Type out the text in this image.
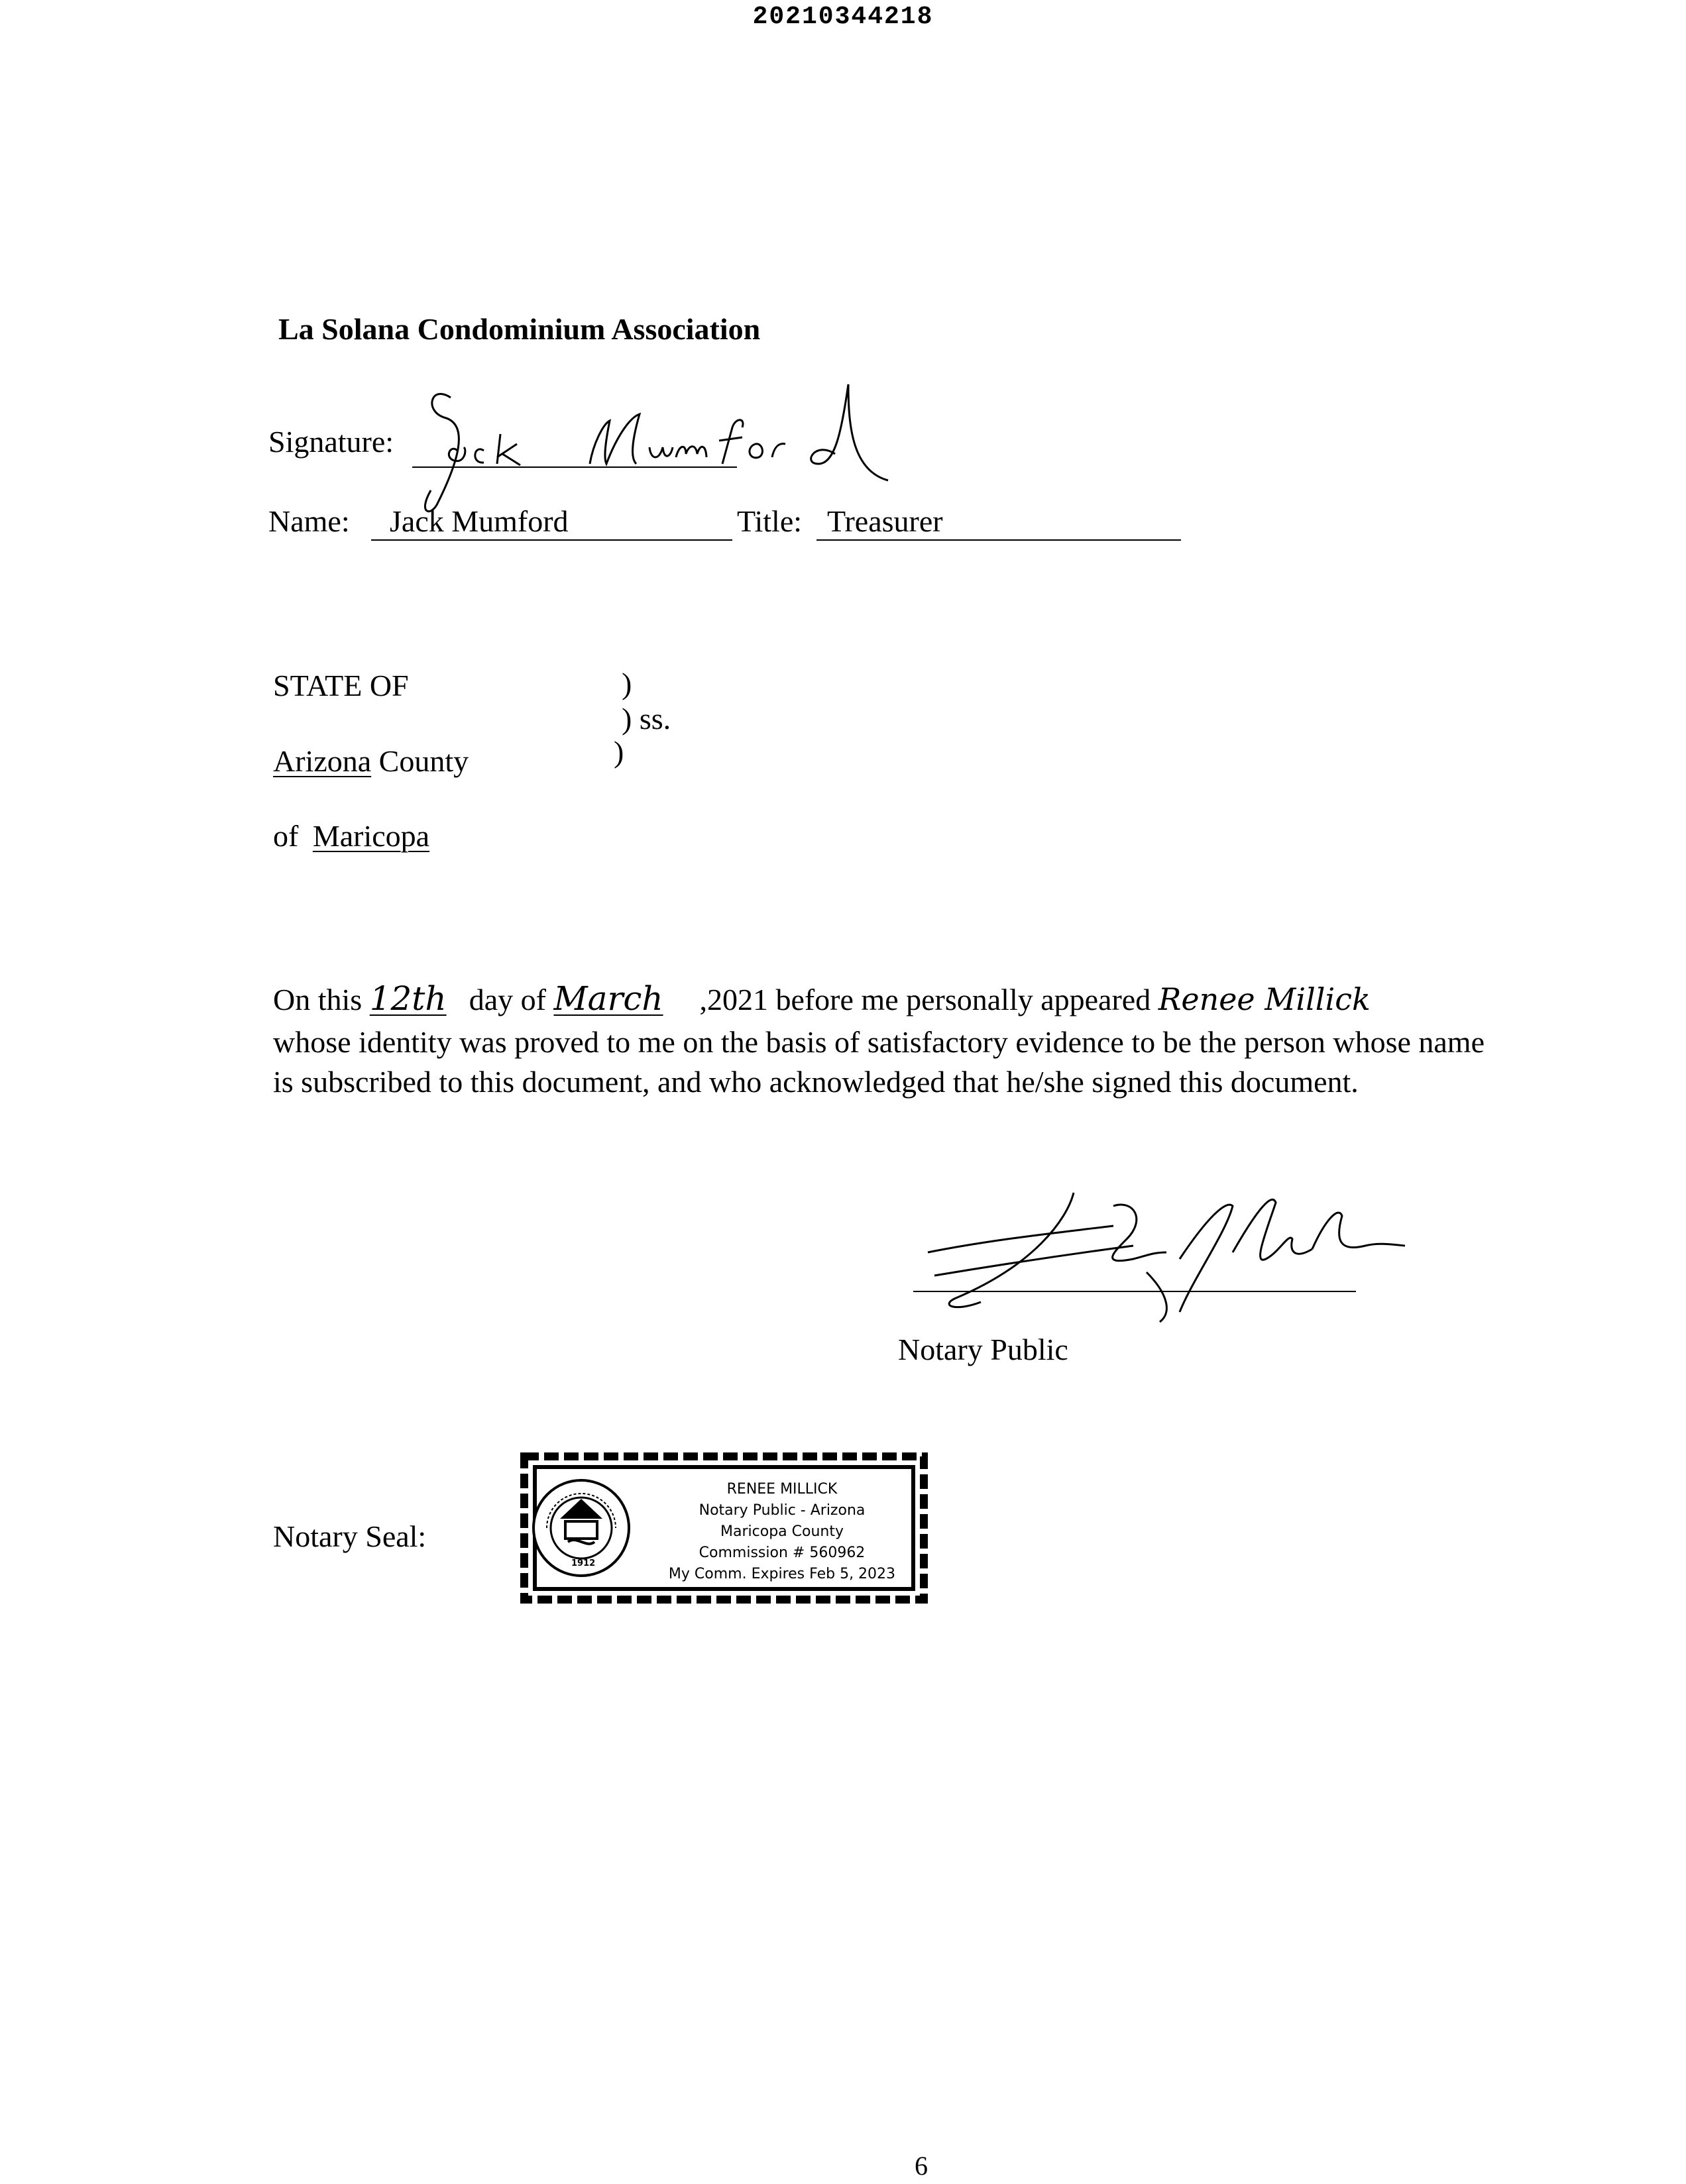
20210344218
La Solana Condominium Association
Signature:
Name: Jack Mumford	Title: Treasurer
STATE OF	)
) ss.
)
Arizona County
of Maricopa
On this 12th day of March ,2021 before me personally appeared Renee Millick
whose identity was proved to me on the basis of satisfactory evidence to be the person whose name is subscribed to this document, and who acknowledged that he/she signed this document.
Notary Public
Notary Seal:
1912
RENEE MILLICK
Notary Public - Arizona
Maricopa County
Commission # 560962
My Comm. Expires Feb 5, 2023
6
